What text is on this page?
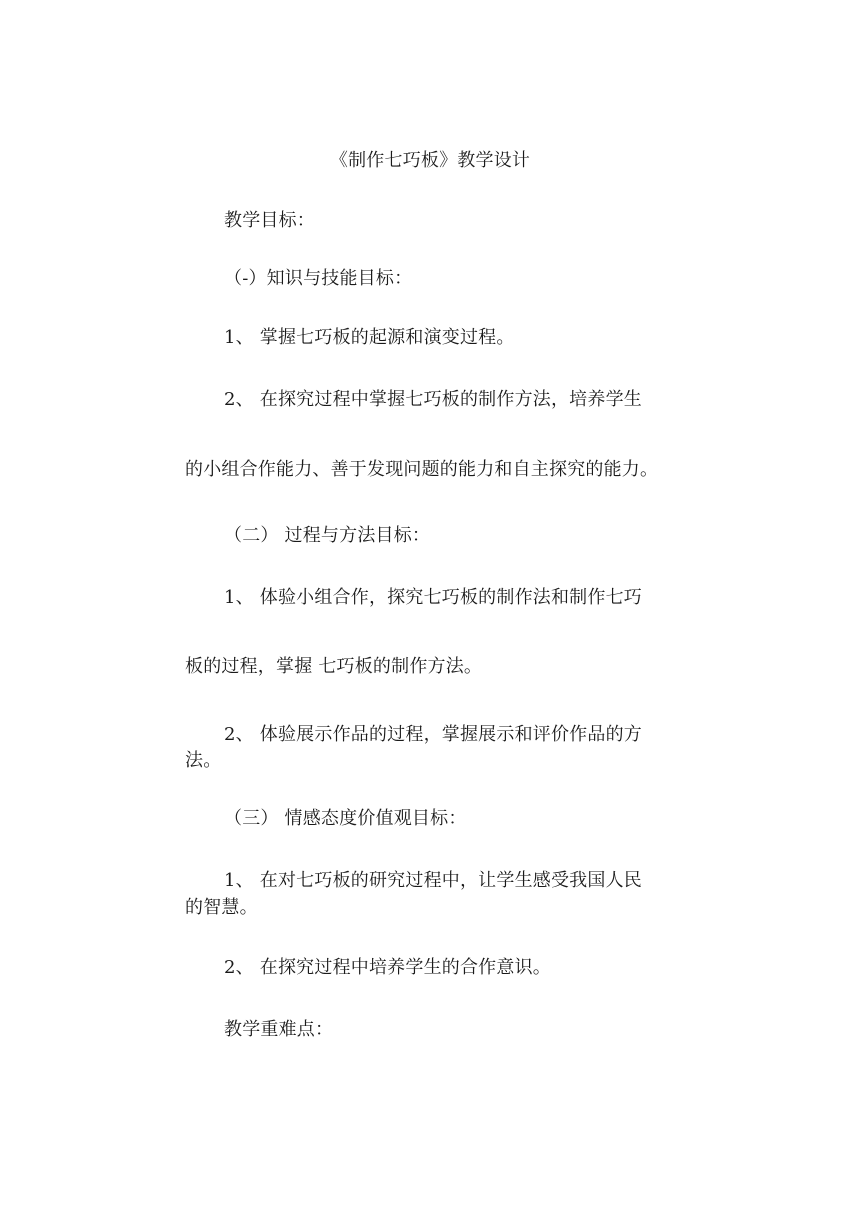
《制作七巧板》教学设计
教学目标：
（-）知识与技能目标：
1、 掌握七巧板的起源和演变过程。
2、 在探究过程中掌握七巧板的制作方法，培养学生
的小组合作能力、善于发现问题的能力和自主探究的能力。
（二） 过程与方法目标：
1、 体验小组合作，探究七巧板的制作法和制作七巧
板的过程，掌握 七巧板的制作方法。
2、 体验展示作品的过程，掌握展示和评价作品的方
法。
（三） 情感态度价值观目标：
1、 在对七巧板的研究过程中，让学生感受我国人民
的智慧。
2、 在探究过程中培养学生的合作意识。
教学重难点：
